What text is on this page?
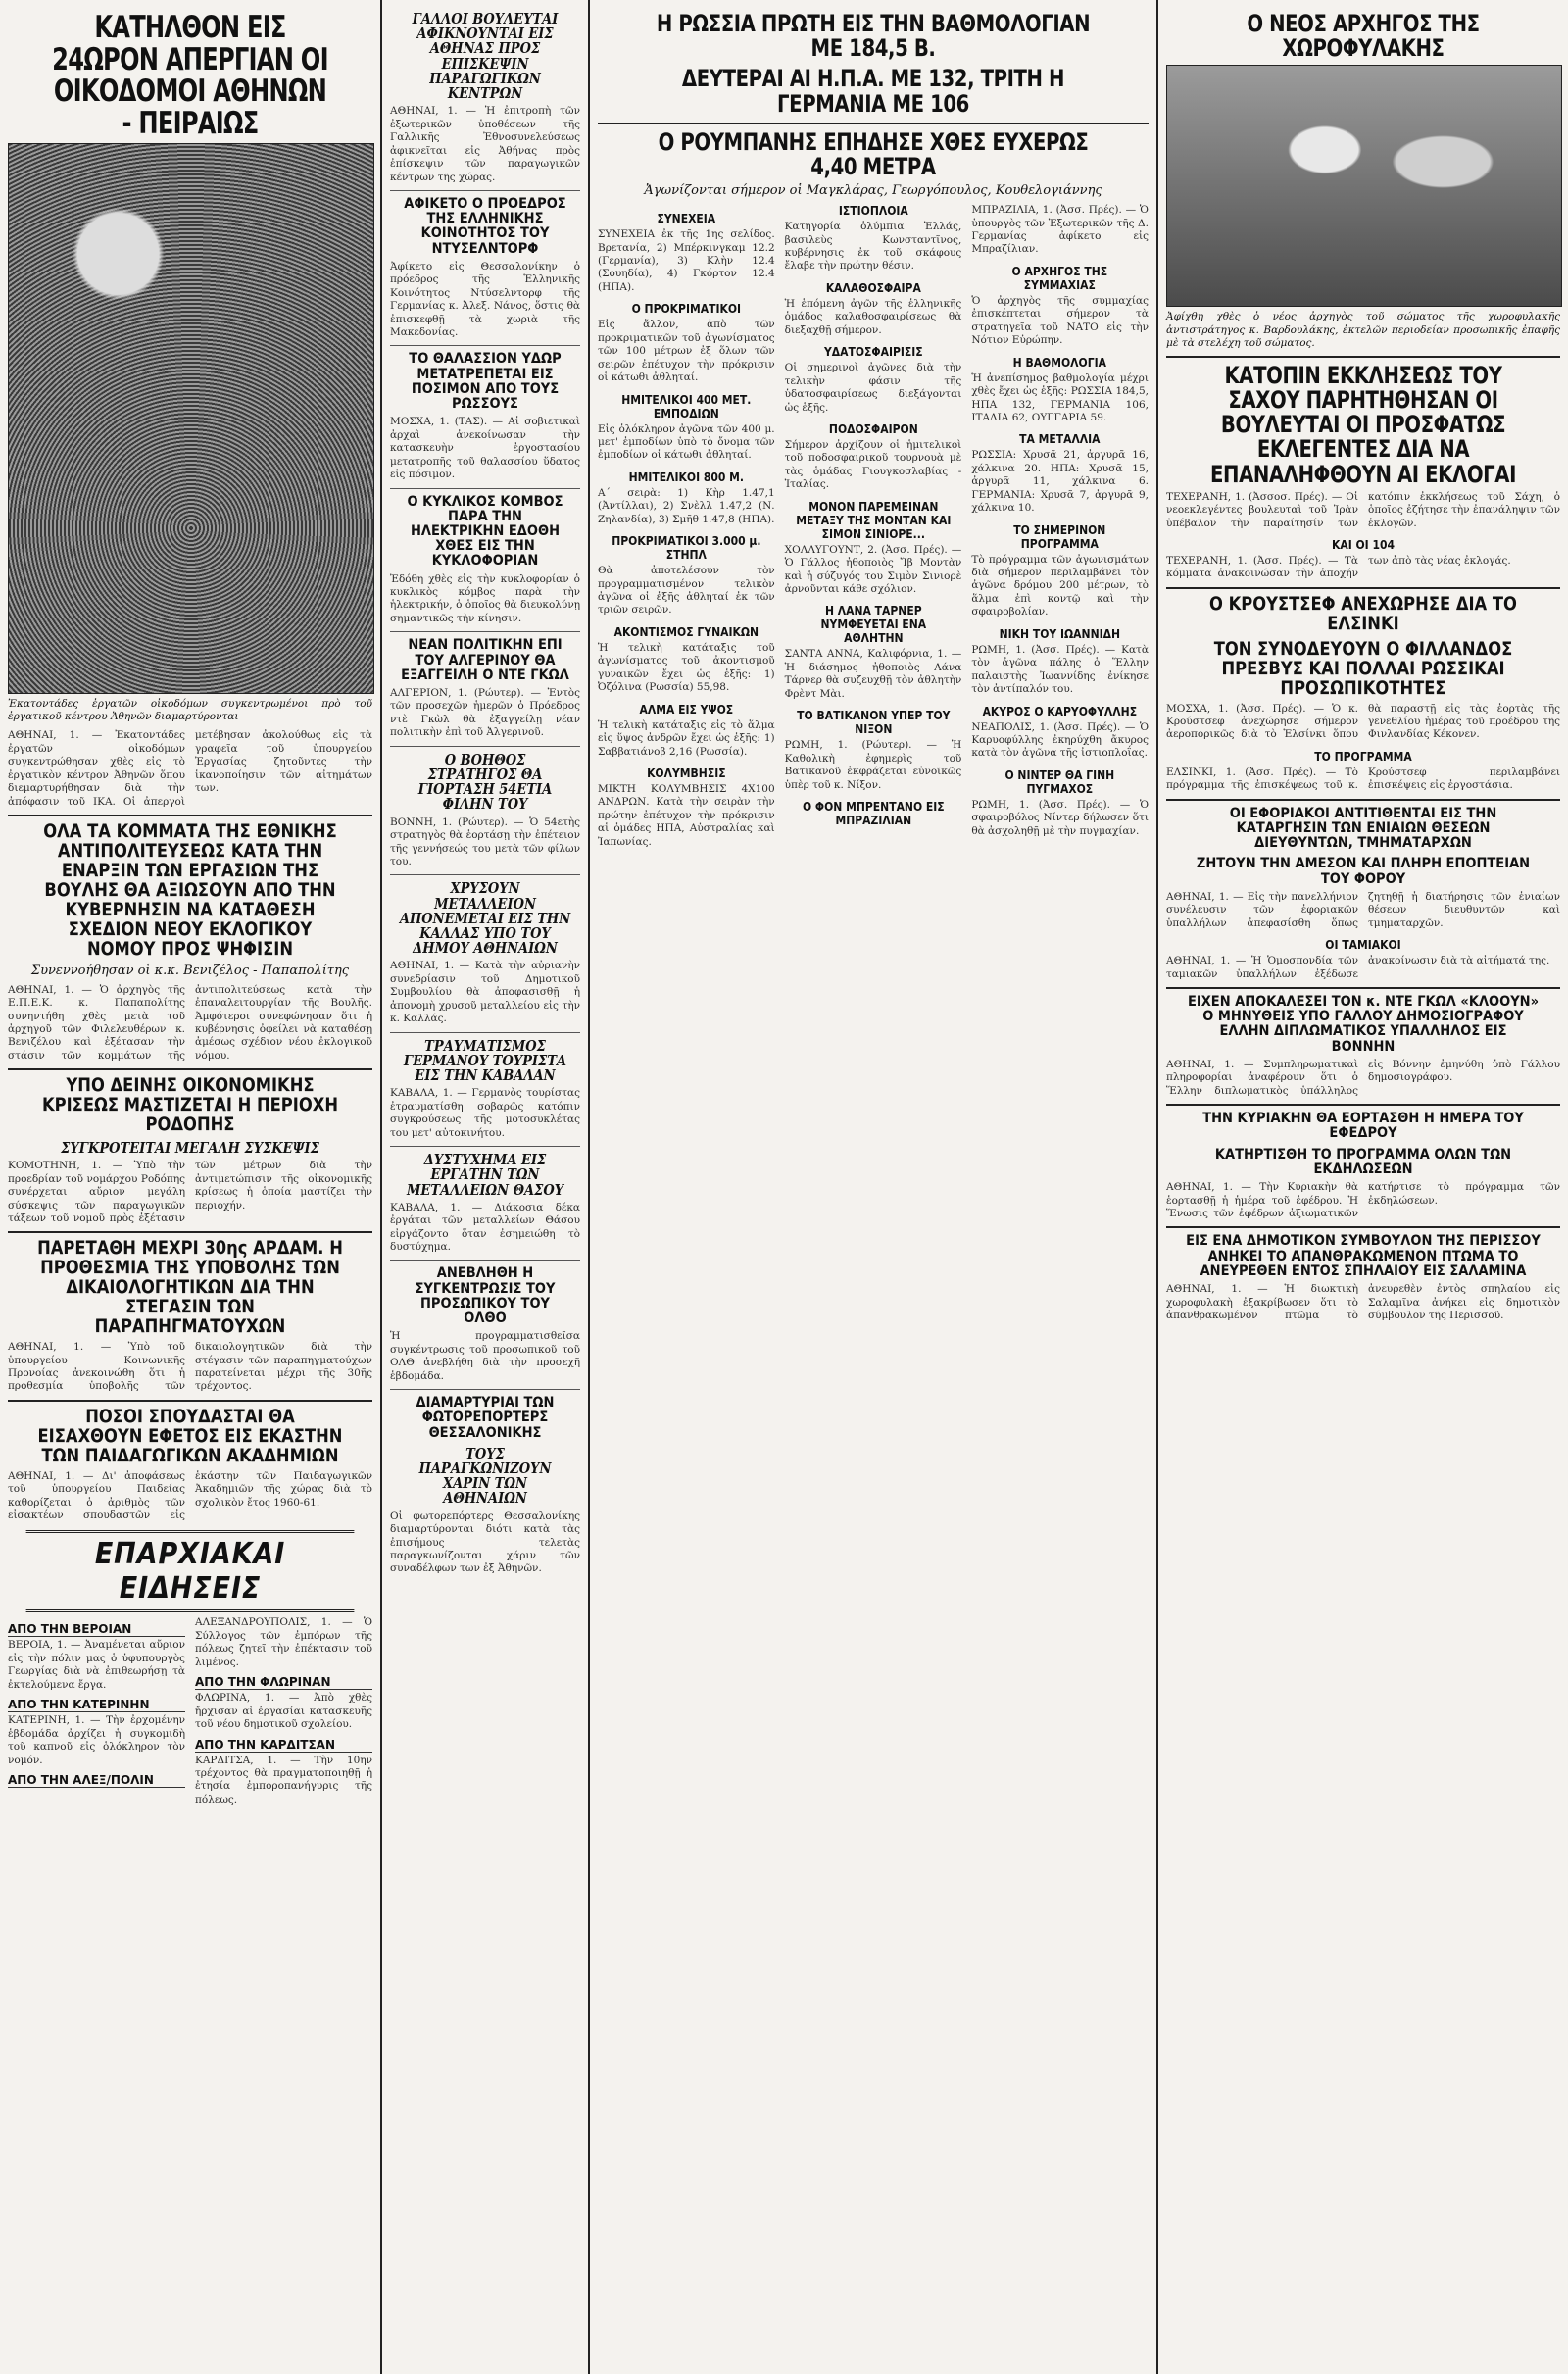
ΚΑΤΗΛΘΟΝ ΕΙΣ 24ΩΡΟΝ ΑΠΕΡΓΙΑΝ ΟΙ ΟΙΚΟΔΟΜΟΙ ΑΘΗΝΩΝ - ΠΕΙΡΑΙΩΣ
Ἐκατοντάδες ἐργατῶν οἰκοδόμων συγκεντρωμένοι πρὸ τοῦ ἐργατικοῦ κέντρου Ἀθηνῶν διαμαρτύρονται
ΑΘΗΝΑΙ, 1. — Ἐκατοντάδες ἐργατῶν οἰκοδόμων συγκεντρώθησαν χθὲς εἰς τὸ ἐργατικὸν κέντρον Ἀθηνῶν ὅπου διεμαρτυρήθησαν διὰ τὴν ἀπόφασιν τοῦ ΙΚΑ. Οἱ ἀπεργοὶ μετέβησαν ἀκολούθως εἰς τὰ γραφεῖα τοῦ ὑπουργείου Ἐργασίας ζητοῦντες τὴν ἱκανοποίησιν τῶν αἰτημάτων των.
ΟΛΑ ΤΑ ΚΟΜΜΑΤΑ ΤΗΣ ΕΘΝΙΚΗΣ ΑΝΤΙΠΟΛΙΤΕΥΣΕΩΣ ΚΑΤΑ ΤΗΝ ΕΝΑΡΞΙΝ ΤΩΝ ΕΡΓΑΣΙΩΝ ΤΗΣ ΒΟΥΛΗΣ ΘΑ ΑΞΙΩΣΟΥΝ ΑΠΟ ΤΗΝ ΚΥΒΕΡΝΗΣΙΝ ΝΑ ΚΑΤΑΘΕΣΗ ΣΧΕΔΙΟΝ ΝΕΟΥ ΕΚΛΟΓΙΚΟΥ ΝΟΜΟΥ ΠΡΟΣ ΨΗΦΙΣΙΝ
Συνεννοήθησαν οἱ κ.κ. Βενιζέλος - Παπαπολίτης
ΑΘΗΝΑΙ, 1. — Ὁ ἀρχηγὸς τῆς Ε.Π.Ε.Κ. κ. Παπαπολίτης συνηντήθη χθὲς μετὰ τοῦ ἀρχηγοῦ τῶν Φιλελευθέρων κ. Βενιζέλου καὶ ἐξέτασαν τὴν στάσιν τῶν κομμάτων τῆς ἀντιπολιτεύσεως κατὰ τὴν ἐπαναλειτουργίαν τῆς Βουλῆς. Ἀμφότεροι συνεφώνησαν ὅτι ἡ κυβέρνησις ὀφείλει νὰ καταθέσῃ ἀμέσως σχέδιον νέου ἐκλογικοῦ νόμου.
ΥΠΟ ΔΕΙΝΗΣ ΟΙΚΟΝΟΜΙΚΗΣ ΚΡΙΣΕΩΣ ΜΑΣΤΙΖΕΤΑΙ Η ΠΕΡΙΟΧΗ ΡΟΔΟΠΗΣ
ΣΥΓΚΡΟΤΕΙΤΑΙ ΜΕΓΑΛΗ ΣΥΣΚΕΨΙΣ
ΚΟΜΟΤΗΝΗ, 1. — Ὑπὸ τὴν προεδρίαν τοῦ νομάρχου Ροδόπης συνέρχεται αὔριον μεγάλη σύσκεψις τῶν παραγωγικῶν τάξεων τοῦ νομοῦ πρὸς ἐξέτασιν τῶν μέτρων διὰ τὴν ἀντιμετώπισιν τῆς οἰκονομικῆς κρίσεως ἡ ὁποία μαστίζει τὴν περιοχήν.
ΠΑΡΕΤΑΘΗ ΜΕΧΡΙ 30ης ΑΡΔΑΜ. Η ΠΡΟΘΕΣΜΙΑ ΤΗΣ ΥΠΟΒΟΛΗΣ ΤΩΝ ΔΙΚΑΙΟΛΟΓΗΤΙΚΩΝ ΔΙΑ ΤΗΝ ΣΤΕΓΑΣΙΝ ΤΩΝ ΠΑΡΑΠΗΓΜΑΤΟΥΧΩΝ
ΑΘΗΝΑΙ, 1. — Ὑπὸ τοῦ ὑπουργείου Κοινωνικῆς Προνοίας ἀνεκοινώθη ὅτι ἡ προθεσμία ὑποβολῆς τῶν δικαιολογητικῶν διὰ τὴν στέγασιν τῶν παραπηγματούχων παρατείνεται μέχρι τῆς 30ῆς τρέχοντος.
ΠΟΣΟΙ ΣΠΟΥΔΑΣΤΑΙ ΘΑ ΕΙΣΑΧΘΟΥΝ ΕΦΕΤΟΣ ΕΙΣ ΕΚΑΣΤΗΝ ΤΩΝ ΠΑΙΔΑΓΩΓΙΚΩΝ ΑΚΑΔΗΜΙΩΝ
ΑΘΗΝΑΙ, 1. — Δι' ἀποφάσεως τοῦ ὑπουργείου Παιδείας καθορίζεται ὁ ἀριθμὸς τῶν εἰσακτέων σπουδαστῶν εἰς ἑκάστην τῶν Παιδαγωγικῶν Ἀκαδημιῶν τῆς χώρας διὰ τὸ σχολικὸν ἔτος 1960-61.
ΕΠΑΡΧΙΑΚΑΙ ΕΙΔΗΣΕΙΣ
ΑΠΟ ΤΗΝ ΒΕΡΟΙΑΝ
ΒΕΡΟΙΑ, 1. — Ἀναμένεται αὔριον εἰς τὴν πόλιν μας ὁ ὑφυπουργὸς Γεωργίας διὰ νὰ ἐπιθεωρήσῃ τὰ ἐκτελούμενα ἔργα.
ΑΠΟ ΤΗΝ ΚΑΤΕΡΙΝΗΝ
ΚΑΤΕΡΙΝΗ, 1. — Τὴν ἐρχομένην ἑβδομάδα ἀρχίζει ἡ συγκομιδὴ τοῦ καπνοῦ εἰς ὁλόκληρον τὸν νομόν.
ΑΠΟ ΤΗΝ ΑΛΕΞ/ΠΟΛΙΝ
ΑΛΕΞΑΝΔΡΟΥΠΟΛΙΣ, 1. — Ὁ Σύλλογος τῶν ἐμπόρων τῆς πόλεως ζητεῖ τὴν ἐπέκτασιν τοῦ λιμένος.
ΑΠΟ ΤΗΝ ΦΛΩΡΙΝΑΝ
ΦΛΩΡΙΝΑ, 1. — Ἀπὸ χθὲς ἤρχισαν αἱ ἐργασίαι κατασκευῆς τοῦ νέου δημοτικοῦ σχολείου.
ΑΠΟ ΤΗΝ ΚΑΡΔΙΤΣΑΝ
ΚΑΡΔΙΤΣΑ, 1. — Τὴν 10ην τρέχοντος θὰ πραγματοποιηθῇ ἡ ἐτησία ἐμποροπανήγυρις τῆς πόλεως.
ΓΑΛΛΟΙ ΒΟΥΛΕΥΤΑΙ ΑΦΙΚΝΟΥΝΤΑΙ ΕΙΣ ΑΘΗΝΑΣ ΠΡΟΣ ΕΠΙΣΚΕΨΙΝ ΠΑΡΑΓΩΓΙΚΩΝ ΚΕΝΤΡΩΝ
ΑΘΗΝΑΙ, 1. — Ἡ ἐπιτροπὴ τῶν ἐξωτερικῶν ὑποθέσεων τῆς Γαλλικῆς Ἐθνοσυνελεύσεως ἀφικνεῖται εἰς Ἀθήνας πρὸς ἐπίσκεψιν τῶν παραγωγικῶν κέντρων τῆς χώρας.
ΑΦΙΚΕΤΟ Ο ΠΡΟΕΔΡΟΣ ΤΗΣ ΕΛΛΗΝΙΚΗΣ ΚΟΙΝΟΤΗΤΟΣ ΤΟΥ ΝΤΥΣΕΛΝΤΟΡΦ
Ἀφίκετο εἰς Θεσσαλονίκην ὁ πρόεδρος τῆς Ἑλληνικῆς Κοινότητος Ντύσελντορφ τῆς Γερμανίας κ. Ἀλεξ. Νάνος, ὅστις θὰ ἐπισκεφθῇ τὰ χωριὰ τῆς Μακεδονίας.
ΤΟ ΘΑΛΑΣΣΙΟΝ ΥΔΩΡ ΜΕΤΑΤΡΕΠΕΤΑΙ ΕΙΣ ΠΟΣΙΜΟΝ ΑΠΟ ΤΟΥΣ ΡΩΣΣΟΥΣ
ΜΟΣΧΑ, 1. (ΤΑΣ). — Αἱ σοβιετικαὶ ἀρχαὶ ἀνεκοίνωσαν τὴν κατασκευὴν ἐργοστασίου μετατροπῆς τοῦ θαλασσίου ὕδατος εἰς πόσιμον.
Ο ΚΥΚΛΙΚΟΣ ΚΟΜΒΟΣ ΠΑΡΑ ΤΗΝ ΗΛΕΚΤΡΙΚΗΝ ΕΔΟΘΗ ΧΘΕΣ ΕΙΣ ΤΗΝ ΚΥΚΛΟΦΟΡΙΑΝ
Ἐδόθη χθὲς εἰς τὴν κυκλοφορίαν ὁ κυκλικὸς κόμβος παρὰ τὴν ἡλεκτρικήν, ὁ ὁποῖος θὰ διευκολύνῃ σημαντικῶς τὴν κίνησιν.
ΝΕΑΝ ΠΟΛΙΤΙΚΗΝ ΕΠΙ ΤΟΥ ΑΛΓΕΡΙΝΟΥ ΘΑ ΕΞΑΓΓΕΙΛΗ Ο ΝΤΕ ΓΚΩΛ
ΑΛΓΕΡΙΟΝ, 1. (Ρώυτερ). — Ἐντὸς τῶν προσεχῶν ἡμερῶν ὁ Πρόεδρος ντὲ Γκὼλ θὰ ἐξαγγείλῃ νέαν πολιτικὴν ἐπὶ τοῦ Ἀλγερινοῦ.
Ο ΒΟΗΘΟΣ ΣΤΡΑΤΗΓΟΣ ΘΑ ΓΙΟΡΤΑΣΗ 54ΕΤΙΑ ΦΙΛΗΝ ΤΟΥ
ΒΟΝΝΗ, 1. (Ρώυτερ). — Ὁ 54ετὴς στρατηγὸς θὰ ἑορτάσῃ τὴν ἐπέτειον τῆς γεννήσεώς του μετὰ τῶν φίλων του.
ΧΡΥΣΟΥΝ ΜΕΤΑΛΛΕΙΟΝ ΑΠΟΝΕΜΕΤΑΙ ΕΙΣ ΤΗΝ ΚΑΛΛΑΣ ΥΠΟ ΤΟΥ ΔΗΜΟΥ ΑΘΗΝΑΙΩΝ
ΑΘΗΝΑΙ, 1. — Κατὰ τὴν αὐριανὴν συνεδρίασιν τοῦ Δημοτικοῦ Συμβουλίου θὰ ἀποφασισθῇ ἡ ἀπονομὴ χρυσοῦ μεταλλείου εἰς τὴν κ. Καλλάς.
ΤΡΑΥΜΑΤΙΣΜΟΣ ΓΕΡΜΑΝΟΥ ΤΟΥΡΙΣΤΑ ΕΙΣ ΤΗΝ ΚΑΒΑΛΑΝ
ΚΑΒΑΛΑ, 1. — Γερμανὸς τουρίστας ἐτραυματίσθη σοβαρῶς κατόπιν συγκρούσεως τῆς μοτοσυκλέτας του μετ' αὐτοκινήτου.
ΔΥΣΤΥΧΗΜΑ ΕΙΣ ΕΡΓΑΤΗΝ ΤΩΝ ΜΕΤΑΛΛΕΙΩΝ ΘΑΣΟΥ
ΚΑΒΑΛΑ, 1. — Διάκοσια δέκα ἐργάται τῶν μεταλλείων Θάσου εἰργάζοντο ὅταν ἐσημειώθη τὸ δυστύχημα.
ΑΝΕΒΛΗΘΗ Η ΣΥΓΚΕΝΤΡΩΣΙΣ ΤΟΥ ΠΡΟΣΩΠΙΚΟΥ ΤΟΥ ΟΛΘΟ
Ἡ προγραμματισθεῖσα συγκέντρωσις τοῦ προσωπικοῦ τοῦ ΟΛΘ ἀνεβλήθη διὰ τὴν προσεχῆ ἑβδομάδα.
ΔΙΑΜΑΡΤΥΡΙΑΙ ΤΩΝ ΦΩΤΟΡΕΠΟΡΤΕΡΣ ΘΕΣΣΑΛΟΝΙΚΗΣ
ΤΟΥΣ ΠΑΡΑΓΚΩΝΙΖΟΥΝ ΧΑΡΙΝ ΤΩΝ ΑΘΗΝΑΙΩΝ
Οἱ φωτορεπόρτερς Θεσσαλονίκης διαμαρτύρονται διότι κατὰ τὰς ἐπισήμους τελετὰς παραγκωνίζονται χάριν τῶν συναδέλφων των ἐξ Ἀθηνῶν.
Η ΡΩΣΣΙΑ ΠΡΩΤΗ ΕΙΣ ΤΗΝ ΒΑΘΜΟΛΟΓΙΑΝ ΜΕ 184,5 Β.
ΔΕΥΤΕΡΑΙ ΑΙ Η.Π.Α. ΜΕ 132, ΤΡΙΤΗ Η ΓΕΡΜΑΝΙΑ ΜΕ 106
Ο ΡΟΥΜΠΑΝΗΣ ΕΠΗΔΗΣΕ ΧΘΕΣ ΕΥΧΕΡΩΣ 4,40 ΜΕΤΡΑ
Ἀγωνίζονται σήμερον οἱ Μαγκλάρας, Γεωργόπουλος, Κουθελογιάννης
ΣΥΝΕΧΕΙΑ
ΣΥΝΕΧΕΙΑ ἐκ τῆς 1ης σελίδος. Βρετανία, 2) Μπέρκινγκαμ 12.2 (Γερμανία), 3) Κλὴν 12.4 (Σουηδία), 4) Γκόρτον 12.4 (ΗΠΑ).
Ο ΠΡΟΚΡΙΜΑΤΙΚΟΙ
Εἰς ἄλλον, ἀπὸ τῶν προκριματικῶν τοῦ ἀγωνίσματος τῶν 100 μέτρων ἐξ ὅλων τῶν σειρῶν ἐπέτυχον τὴν πρόκρισιν οἱ κάτωθι ἀθληταί.
ΗΜΙΤΕΛΙΚΟΙ 400 ΜΕΤ. ΕΜΠΟΔΙΩΝ
Εἰς ὁλόκληρον ἀγῶνα τῶν 400 μ. μετ' ἐμποδίων ὑπὸ τὸ ὄνομα τῶν ἐμποδίων οἱ κάτωθι ἀθληταί.
ΗΜΙΤΕΛΙΚΟΙ 800 Μ.
Α΄ σειρὰ: 1) Κὴρ 1.47,1 (Ἀντίλλαι), 2) Σνὲλλ 1.47,2 (Ν. Ζηλανδία), 3) Σμῆθ 1.47,8 (ΗΠΑ).
ΠΡΟΚΡΙΜΑΤΙΚΟΙ 3.000 μ. ΣΤΗΠΛ
Θὰ ἀποτελέσουν τὸν προγραμματισμένον τελικὸν ἀγῶνα οἱ ἑξῆς ἀθληταί ἐκ τῶν τριῶν σειρῶν.
ΑΚΟΝΤΙΣΜΟΣ ΓΥΝΑΙΚΩΝ
Ἡ τελικὴ κατάταξις τοῦ ἀγωνίσματος τοῦ ἀκοντισμοῦ γυναικῶν ἔχει ὡς ἑξῆς: 1) Ὀζόλινα (Ρωσσία) 55,98.
ΑΛΜΑ ΕΙΣ ΥΨΟΣ
Ἡ τελικὴ κατάταξις εἰς τὸ ἅλμα εἰς ὕψος ἀνδρῶν ἔχει ὡς ἑξῆς: 1) Σαββατιάνοβ 2,16 (Ρωσσία).
ΚΟΛΥΜΒΗΣΙΣ
ΜΙΚΤΗ ΚΟΛΥΜΒΗΣΙΣ 4Χ100 ΑΝΔΡΩΝ. Κατὰ τὴν σειρὰν τὴν πρώτην ἐπέτυχον τὴν πρόκρισιν αἱ ὁμάδες ΗΠΑ, Αὐστραλίας καὶ Ἰαπωνίας.
ΙΣΤΙΟΠΛΟΙΑ
Κατηγορία ὁλύμπια Ἑλλάς, βασιλεὺς Κωνσταντῖνος, κυβέρνησις ἐκ τοῦ σκάφους ἔλαβε τὴν πρώτην θέσιν.
ΚΑΛΑΘΟΣΦΑΙΡΑ
Ἡ ἑπόμενη ἀγῶν τῆς ἑλληνικῆς ὁμάδος καλαθοσφαιρίσεως θὰ διεξαχθῇ σήμερον.
ΥΔΑΤΟΣΦΑΙΡΙΣΙΣ
Οἱ σημερινοὶ ἀγῶνες διὰ τὴν τελικὴν φάσιν τῆς ὑδατοσφαιρίσεως διεξάγονται ὡς ἑξῆς.
ΠΟΔΟΣΦΑΙΡΟΝ
Σήμερον ἀρχίζουν οἱ ἡμιτελικοὶ τοῦ ποδοσφαιρικοῦ τουρνουὰ μὲ τὰς ὁμάδας Γιουγκοσλαβίας - Ἰταλίας.
ΜΟΝΟΝ ΠΑΡΕΜΕΙΝΑΝ ΜΕΤΑΞΥ ΤΗΣ ΜΟΝΤΑΝ ΚΑΙ ΣΙΜΟΝ ΣΙΝΙΟΡΕ...
ΧΟΛΛΥΓΟΥΝΤ, 2. (Ἀσσ. Πρές). — Ὁ Γάλλος ἠθοποιὸς Ἴβ Μοντὰν καὶ ἡ σύζυγός του Σιμὸν Σινιορὲ ἀρνοῦνται κάθε σχόλιον.
Η ΛΑΝΑ ΤΑΡΝΕΡ ΝΥΜΦΕΥΕΤΑΙ ΕΝΑ ΑΘΛΗΤΗΝ
ΣΑΝΤΑ ΑΝΝΑ, Καλιφόρνια, 1. — Ἡ διάσημος ἠθοποιὸς Λάνα Τάρνερ θὰ συζευχθῇ τὸν ἀθλητὴν Φρὲντ Μὰι.
ΤΟ ΒΑΤΙΚΑΝΟΝ ΥΠΕΡ ΤΟΥ ΝΙΞΟΝ
ΡΩΜΗ, 1. (Ρώυτερ). — Ἡ Καθολικὴ ἐφημερὶς τοῦ Βατικανοῦ ἐκφράζεται εὐνοϊκῶς ὑπὲρ τοῦ κ. Νίξον.
Ο ΦΟΝ ΜΠΡΕΝΤΑΝΟ ΕΙΣ ΜΠΡΑΖΙΛΙΑΝ
ΜΠΡΑΖΙΛΙΑ, 1. (Ἀσσ. Πρές). — Ὁ ὑπουργὸς τῶν Ἐξωτερικῶν τῆς Δ. Γερμανίας ἀφίκετο εἰς Μπραζίλιαν.
Ο ΑΡΧΗΓΟΣ ΤΗΣ ΣΥΜΜΑΧΙΑΣ
Ὁ ἀρχηγὸς τῆς συμμαχίας ἐπισκέπτεται σήμερον τὰ στρατηγεῖα τοῦ ΝΑΤΟ εἰς τὴν Νότιον Εὐρώπην.
Η ΒΑΘΜΟΛΟΓΙΑ
Ἡ ἀνεπίσημος βαθμολογία μέχρι χθὲς ἔχει ὡς ἑξῆς: ΡΩΣΣΙΑ 184,5, ΗΠΑ 132, ΓΕΡΜΑΝΙΑ 106, ΙΤΑΛΙΑ 62, ΟΥΓΓΑΡΙΑ 59.
ΤΑ ΜΕΤΑΛΛΙΑ
ΡΩΣΣΙΑ: Χρυσᾶ 21, ἀργυρᾶ 16, χάλκινα 20. ΗΠΑ: Χρυσᾶ 15, ἀργυρᾶ 11, χάλκινα 6. ΓΕΡΜΑΝΙΑ: Χρυσᾶ 7, ἀργυρᾶ 9, χάλκινα 10.
ΤΟ ΣΗΜΕΡΙΝΟΝ ΠΡΟΓΡΑΜΜΑ
Τὸ πρόγραμμα τῶν ἀγωνισμάτων διὰ σήμερον περιλαμβάνει τὸν ἀγῶνα δρόμου 200 μέτρων, τὸ ἅλμα ἐπὶ κοντῷ καὶ τὴν σφαιροβολίαν.
ΝΙΚΗ ΤΟΥ ΙΩΑΝΝΙΔΗ
ΡΩΜΗ, 1. (Ἀσσ. Πρές). — Κατὰ τὸν ἀγῶνα πάλης ὁ Ἕλλην παλαιστὴς Ἰωαννίδης ἐνίκησε τὸν ἀντίπαλόν του.
ΑΚΥΡΟΣ Ο ΚΑΡΥΟΦΥΛΛΗΣ
ΝΕΑΠΟΛΙΣ, 1. (Ἀσσ. Πρές). — Ὁ Καρυοφύλλης ἐκηρύχθη ἄκυρος κατὰ τὸν ἀγῶνα τῆς ἰστιοπλοΐας.
Ο ΝΙΝΤΕΡ ΘΑ ΓΙΝΗ ΠΥΓΜΑΧΟΣ
ΡΩΜΗ, 1. (Ἀσσ. Πρές). — Ὁ σφαιροβόλος Νίντερ δήλωσεν ὅτι θὰ ἀσχοληθῇ μὲ τὴν πυγμαχίαν.
Ο ΝΕΟΣ ΑΡΧΗΓΟΣ ΤΗΣ ΧΩΡΟΦΥΛΑΚΗΣ
Ἀφίχθη χθὲς ὁ νέος ἀρχηγὸς τοῦ σώματος τῆς χωροφυλακῆς ἀντιστράτηγος κ. Βαρδουλάκης, ἐκτελῶν περιοδείαν προσωπικῆς ἐπαφῆς μὲ τὰ στελέχη τοῦ σώματος.
ΚΑΤΟΠΙΝ ΕΚΚΛΗΣΕΩΣ ΤΟΥ ΣΑΧΟΥ ΠΑΡΗΤΗΘΗΣΑΝ ΟΙ ΒΟΥΛΕΥΤΑΙ ΟΙ ΠΡΟΣΦΑΤΩΣ ΕΚΛΕΓΕΝΤΕΣ ΔΙΑ ΝΑ ΕΠΑΝΑΛΗΦΘΟΥΝ ΑΙ ΕΚΛΟΓΑΙ
ΤΕΧΕΡΑΝΗ, 1. (Ἀσσοσ. Πρές). — Οἱ νεοεκλεγέντες βουλευταὶ τοῦ Ἰρὰν ὑπέβαλον τὴν παραίτησίν των κατόπιν ἐκκλήσεως τοῦ Σάχη, ὁ ὁποῖος ἐζήτησε τὴν ἐπανάληψιν τῶν ἐκλογῶν.
ΚΑΙ ΟΙ 104
ΤΕΧΕΡΑΝΗ, 1. (Ἀσσ. Πρές). — Τὰ κόμματα ἀνακοινώσαν τὴν ἀποχήν των ἀπὸ τὰς νέας ἐκλογάς.
Ο ΚΡΟΥΣΤΣΕΦ ΑΝΕΧΩΡΗΣΕ ΔΙΑ ΤΟ ΕΛΣΙΝΚΙ
ΤΟΝ ΣΥΝΟΔΕΥΟΥΝ Ο ΦΙΛΛΑΝΔΟΣ ΠΡΕΣΒΥΣ ΚΑΙ ΠΟΛΛΑΙ ΡΩΣΣΙΚΑΙ ΠΡΟΣΩΠΙΚΟΤΗΤΕΣ
ΜΟΣΧΑ, 1. (Ἀσσ. Πρές). — Ὁ κ. Κρούστσεφ ἀνεχώρησε σήμερον ἀεροπορικῶς διὰ τὸ Ἑλσίνκι ὅπου θὰ παραστῇ εἰς τὰς ἑορτὰς τῆς γενεθλίου ἡμέρας τοῦ προέδρου τῆς Φινλανδίας Κέκονεν.
ΤΟ ΠΡΟΓΡΑΜΜΑ
ΕΛΣΙΝΚΙ, 1. (Ἀσσ. Πρές). — Τὸ πρόγραμμα τῆς ἐπισκέψεως τοῦ κ. Κρούστσεφ περιλαμβάνει ἐπισκέψεις εἰς ἐργοστάσια.
ΟΙ ΕΦΟΡΙΑΚΟΙ ΑΝΤΙΤΙΘΕΝΤΑΙ ΕΙΣ ΤΗΝ ΚΑΤΑΡΓΗΣΙΝ ΤΩΝ ΕΝΙΑΙΩΝ ΘΕΣΕΩΝ ΔΙΕΥΘΥΝΤΩΝ, ΤΜΗΜΑΤΑΡΧΩΝ
ΖΗΤΟΥΝ ΤΗΝ ΑΜΕΣΟΝ ΚΑΙ ΠΛΗΡΗ ΕΠΟΠΤΕΙΑΝ ΤΟΥ ΦΟΡΟΥ
ΑΘΗΝΑΙ, 1. — Εἰς τὴν πανελλήνιον συνέλευσιν τῶν ἐφοριακῶν ὑπαλλήλων ἀπεφασίσθη ὅπως ζητηθῇ ἡ διατήρησις τῶν ἑνιαίων θέσεων διευθυντῶν καὶ τμηματαρχῶν.
ΟΙ ΤΑΜΙΑΚΟΙ
ΑΘΗΝΑΙ, 1. — Ἡ Ὁμοσπονδία τῶν ταμιακῶν ὑπαλλήλων ἐξέδωσε ἀνακοίνωσιν διὰ τὰ αἰτήματά της.
ΕΙΧΕΝ ΑΠΟΚΑΛΕΣΕΙ ΤΟΝ κ. ΝΤΕ ΓΚΩΛ «ΚΛΟΟΥΝ» Ο ΜΗΝΥΘΕΙΣ ΥΠΟ ΓΑΛΛΟΥ ΔΗΜΟΣΙΟΓΡΑΦΟΥ ΕΛΛΗΝ ΔΙΠΛΩΜΑΤΙΚΟΣ ΥΠΑΛΛΗΛΟΣ ΕΙΣ ΒΟΝΝΗΝ
ΑΘΗΝΑΙ, 1. — Συμπληρωματικαὶ πληροφορίαι ἀναφέρουν ὅτι ὁ Ἕλλην διπλωματικὸς ὑπάλληλος εἰς Βόννην ἐμηνύθη ὑπὸ Γάλλου δημοσιογράφου.
ΤΗΝ ΚΥΡΙΑΚΗΝ ΘΑ ΕΟΡΤΑΣΘΗ Η ΗΜΕΡΑ ΤΟΥ ΕΦΕΔΡΟΥ
ΚΑΤΗΡΤΙΣΘΗ ΤΟ ΠΡΟΓΡΑΜΜΑ ΟΛΩΝ ΤΩΝ ΕΚΔΗΛΩΣΕΩΝ
ΑΘΗΝΑΙ, 1. — Τὴν Κυριακὴν θὰ ἑορτασθῇ ἡ ἡμέρα τοῦ ἐφέδρου. Ἡ Ἕνωσις τῶν ἐφέδρων ἀξιωματικῶν κατήρτισε τὸ πρόγραμμα τῶν ἐκδηλώσεων.
ΕΙΣ ΕΝΑ ΔΗΜΟΤΙΚΟΝ ΣΥΜΒΟΥΛΟΝ ΤΗΣ ΠΕΡΙΣΣΟΥ ΑΝΗΚΕΙ ΤΟ ΑΠΑΝΘΡΑΚΩΜΕΝΟΝ ΠΤΩΜΑ ΤΟ ΑΝΕΥΡΕΘΕΝ ΕΝΤΟΣ ΣΠΗΛΑΙΟΥ ΕΙΣ ΣΑΛΑΜΙΝΑ
ΑΘΗΝΑΙ, 1. — Ἡ διωκτικὴ χωροφυλακὴ ἐξακρίβωσεν ὅτι τὸ ἀπανθρακωμένον πτῶμα τὸ ἀνευρεθὲν ἐντὸς σπηλαίου εἰς Σαλαμῖνα ἀνήκει εἰς δημοτικὸν σύμβουλον τῆς Περισσοῦ.
